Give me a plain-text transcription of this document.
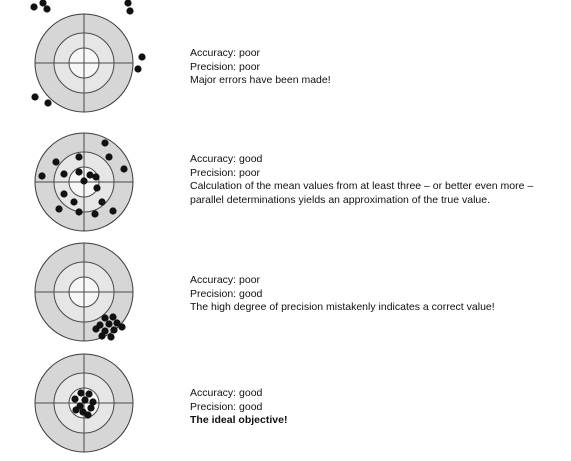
Accuracy: poor
Precision: poor
Major errors have been made!
Accuracy: good
Precision: poor
Calculation of the mean values from at least three – or better even more –
parallel determinations yields an approximation of the true value.
Accuracy: poor
Precision: good
The high degree of precision mistakenly indicates a correct value!
Accuracy: good
Precision: good
The ideal objective!
